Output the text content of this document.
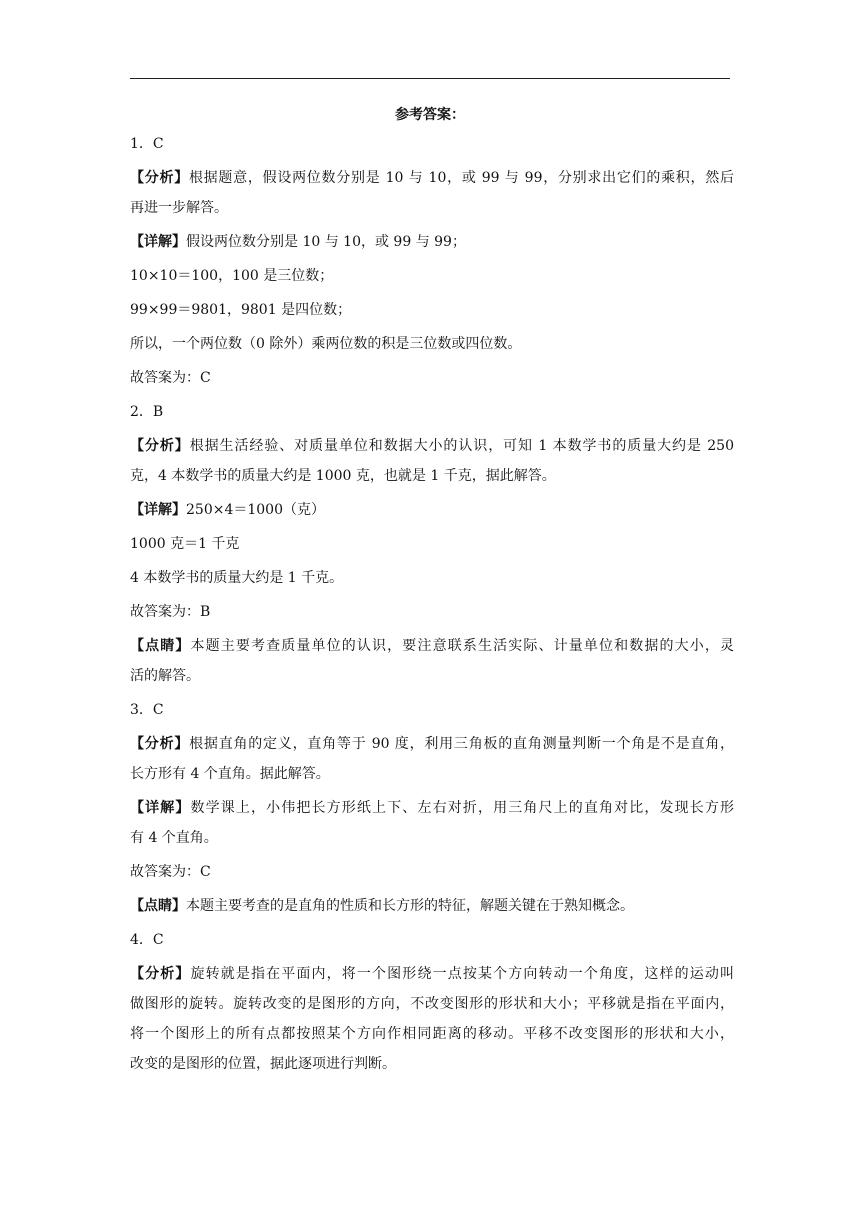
参考答案：
1．C
【分析】根据题意，假设两位数分别是 10 与 10，或 99 与 99，分别求出它们的乘积，然后
再进一步解答。
【详解】假设两位数分别是 10 与 10，或 99 与 99；
10×10＝100，100 是三位数；
99×99＝9801，9801 是四位数；
所以，一个两位数（0 除外）乘两位数的积是三位数或四位数。
故答案为：C
2．B
【分析】根据生活经验、对质量单位和数据大小的认识，可知 1 本数学书的质量大约是 250
克，4 本数学书的质量大约是 1000 克，也就是 1 千克，据此解答。
【详解】250×4＝1000（克）
1000 克＝1 千克
4 本数学书的质量大约是 1 千克。
故答案为：B
【点睛】本题主要考查质量单位的认识，要注意联系生活实际、计量单位和数据的大小，灵
活的解答。
3．C
【分析】根据直角的定义，直角等于 90 度，利用三角板的直角测量判断一个角是不是直角，
长方形有 4 个直角。据此解答。
【详解】数学课上，小伟把长方形纸上下、左右对折，用三角尺上的直角对比，发现长方形
有 4 个直角。
故答案为：C
【点睛】本题主要考查的是直角的性质和长方形的特征，解题关键在于熟知概念。
4．C
【分析】旋转就是指在平面内，将一个图形绕一点按某个方向转动一个角度，这样的运动叫
做图形的旋转。旋转改变的是图形的方向，不改变图形的形状和大小；平移就是指在平面内，
将一个图形上的所有点都按照某个方向作相同距离的移动。平移不改变图形的形状和大小，
改变的是图形的位置，据此逐项进行判断。
